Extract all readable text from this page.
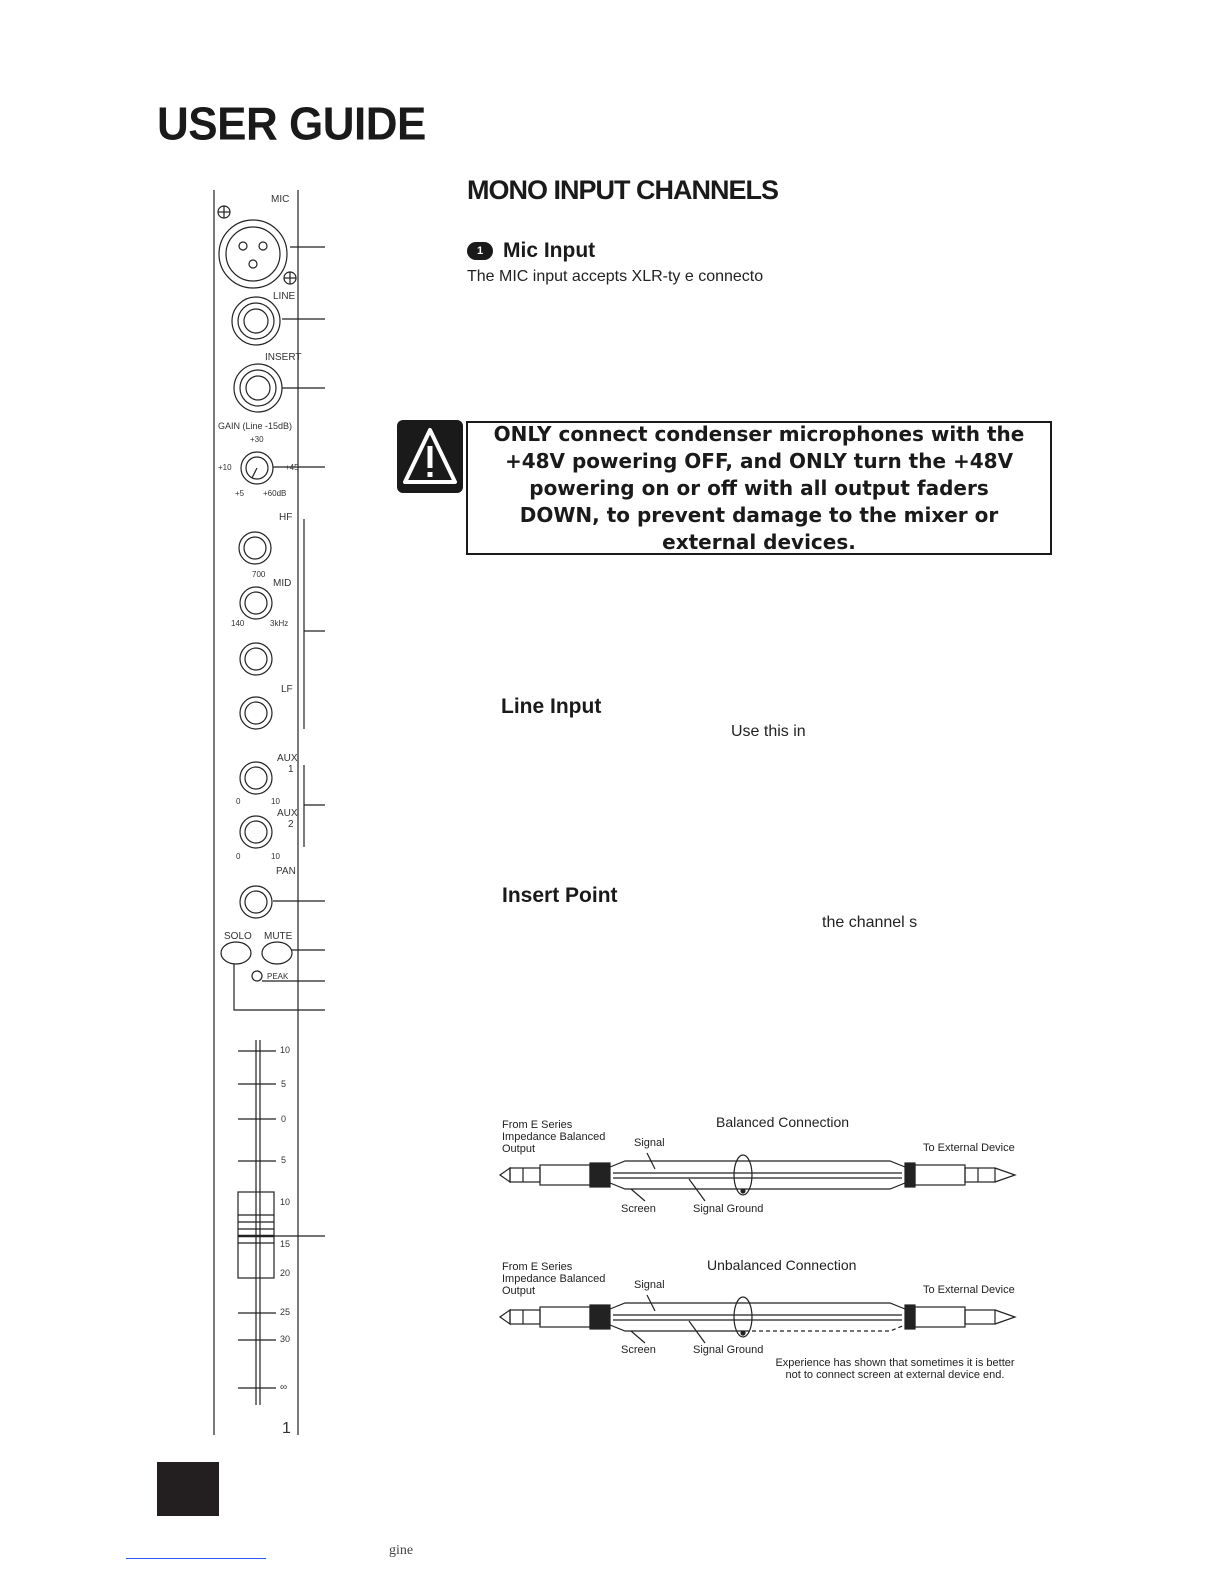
USER GUIDE
MONO INPUT CHANNELS
1 Mic Input
The MIC input accepts XLR-ty e connecto
ONLY connect condenser microphones with the +48V powering OFF, and ONLY turn the +48V powering on or off with all output faders DOWN, to prevent damage to the mixer or external devices.
Line Input
Use this in
Insert Point
the channel s
MIC
LINE
INSERT
GAIN (Line -15dB)
+30
+10	+45
+5 +60dB
HF
700
MID
140	3kHz
LF
AUX
1
0	10
AUX
2
0	10
PAN
SOLO MUTE
PEAK
10
5
0
5
10
15
20
25
30
∞
1
Balanced Connection
From E Series Impedance Balanced Output	Signal	To External Device
Screen	Signal Ground
Unbalanced Connection
From E Series Impedance Balanced Output	Signal	To External Device
Screen	Signal Ground
Experience has shown that sometimes it is better not to connect screen at external device end.
gine
